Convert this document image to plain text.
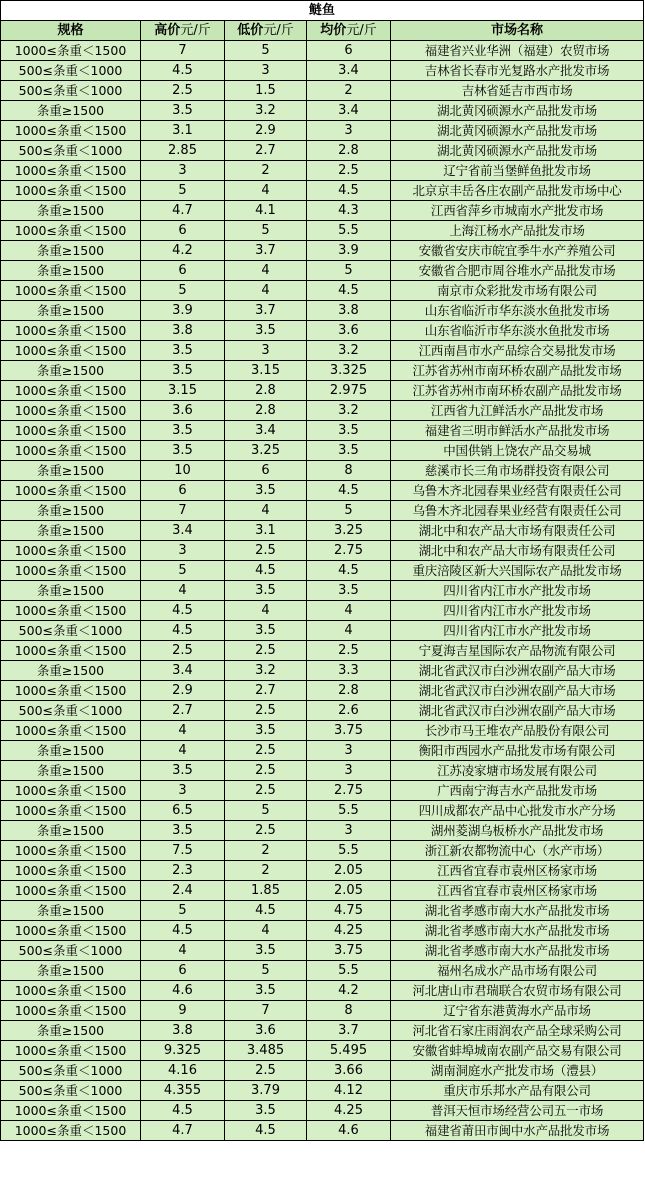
鲢鱼				
规格	高价元/斤	低价元/斤	均价元/斤	市场名称
1000≤条重＜1500	7	5	6	福建省兴业华洲（福建）农贸市场
500≤条重＜1000	4.5	3	3.4	吉林省长春市光复路水产批发市场
500≤条重＜1000	2.5	1.5	2	吉林省延吉市西市场
条重≥1500	3.5	3.2	3.4	湖北黄冈硕源水产品批发市场
1000≤条重＜1500	3.1	2.9	3	湖北黄冈硕源水产品批发市场
500≤条重＜1000	2.85	2.7	2.8	湖北黄冈硕源水产品批发市场
1000≤条重＜1500	3	2	2.5	辽宁省前当堡鲜鱼批发市场
1000≤条重＜1500	5	4	4.5	北京京丰岳各庄农副产品批发市场中心
条重≥1500	4.7	4.1	4.3	江西省萍乡市城南水产批发市场
1000≤条重＜1500	6	5	5.5	上海江杨水产品批发市场
条重≥1500	4.2	3.7	3.9	安徽省安庆市皖宜季牛水产养殖公司
条重≥1500	6	4	5	安徽省合肥市周谷堆水产品批发市场
1000≤条重＜1500	5	4	4.5	南京市众彩批发市场有限公司
条重≥1500	3.9	3.7	3.8	山东省临沂市华东淡水鱼批发市场
1000≤条重＜1500	3.8	3.5	3.6	山东省临沂市华东淡水鱼批发市场
1000≤条重＜1500	3.5	3	3.2	江西南昌市水产品综合交易批发市场
条重≥1500	3.5	3.15	3.325	江苏省苏州市南环桥农副产品批发市场
1000≤条重＜1500	3.15	2.8	2.975	江苏省苏州市南环桥农副产品批发市场
1000≤条重＜1500	3.6	2.8	3.2	江西省九江鲜活水产品批发市场
1000≤条重＜1500	3.5	3.4	3.5	福建省三明市鲜活水产品批发市场
1000≤条重＜1500	3.5	3.25	3.5	中国供销上饶农产品交易城
条重≥1500	10	6	8	慈溪市长三角市场群投资有限公司
1000≤条重＜1500	6	3.5	4.5	乌鲁木齐北园春果业经营有限责任公司
条重≥1500	7	4	5	乌鲁木齐北园春果业经营有限责任公司
条重≥1500	3.4	3.1	3.25	湖北中和农产品大市场有限责任公司
1000≤条重＜1500	3	2.5	2.75	湖北中和农产品大市场有限责任公司
1000≤条重＜1500	5	4.5	4.5	重庆涪陵区新大兴国际农产品批发市场
条重≥1500	4	3.5	3.5	四川省内江市水产批发市场
1000≤条重＜1500	4.5	4	4	四川省内江市水产批发市场
500≤条重＜1000	4.5	3.5	4	四川省内江市水产批发市场
1000≤条重＜1500	2.5	2.5	2.5	宁夏海吉星国际农产品物流有限公司
条重≥1500	3.4	3.2	3.3	湖北省武汉市白沙洲农副产品大市场
1000≤条重＜1500	2.9	2.7	2.8	湖北省武汉市白沙洲农副产品大市场
500≤条重＜1000	2.7	2.5	2.6	湖北省武汉市白沙洲农副产品大市场
1000≤条重＜1500	4	3.5	3.75	长沙市马王堆农产品股份有限公司
条重≥1500	4	2.5	3	衡阳市西园水产品批发市场有限公司
条重≥1500	3.5	2.5	3	江苏凌家塘市场发展有限公司
1000≤条重＜1500	3	2.5	2.75	广西南宁海吉水产品批发市场
1000≤条重＜1500	6.5	5	5.5	四川成都农产品中心批发市水产分场
条重≥1500	3.5	2.5	3	湖州菱湖乌板桥水产品批发市场
1000≤条重＜1500	7.5	2	5.5	浙江新农都物流中心（水产市场）
1000≤条重＜1500	2.3	2	2.05	江西省宜春市袁州区杨家市场
1000≤条重＜1500	2.4	1.85	2.05	江西省宜春市袁州区杨家市场
条重≥1500	5	4.5	4.75	湖北省孝感市南大水产品批发市场
1000≤条重＜1500	4.5	4	4.25	湖北省孝感市南大水产品批发市场
500≤条重＜1000	4	3.5	3.75	湖北省孝感市南大水产品批发市场
条重≥1500	6	5	5.5	福州名成水产品市场有限公司
1000≤条重＜1500	4.6	3.5	4.2	河北唐山市君瑞联合农贸市场有限公司
1000≤条重＜1500	9	7	8	辽宁省东港黄海水产品市场
条重≥1500	3.8	3.6	3.7	河北省石家庄雨润农产品全球采购公司
1000≤条重＜1500	9.325	3.485	5.495	安徽省蚌埠城南农副产品交易有限公司
500≤条重＜1000	4.16	2.5	3.66	湖南洞庭水产批发市场（澧县）
500≤条重＜1000	4.355	3.79	4.12	重庆市乐邦水产品有限公司
1000≤条重＜1500	4.5	3.5	4.25	普洱天恒市场经营公司五一市场
1000≤条重＜1500	4.7	4.5	4.6	福建省莆田市闽中水产品批发市场
